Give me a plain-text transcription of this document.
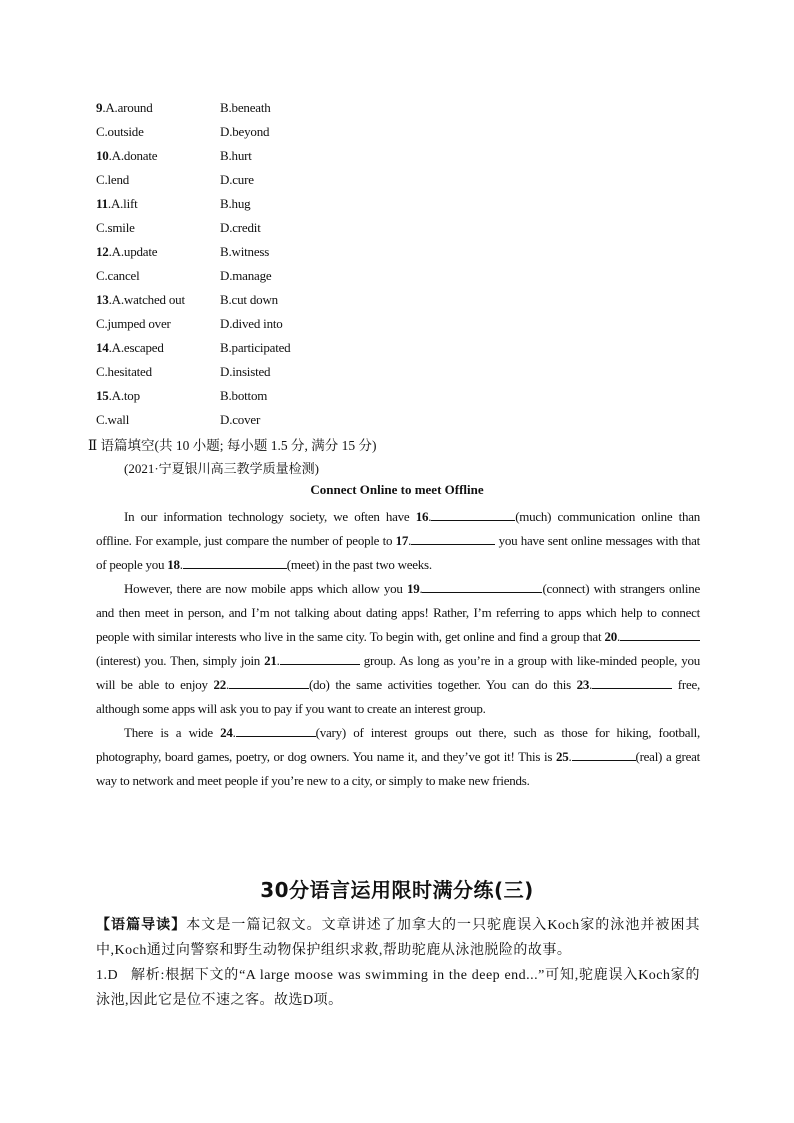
9.A.around	B.beneath
C.outside	D.beyond
10.A.donate	B.hurt
C.lend	D.cure
11.A.lift	B.hug
C.smile	D.credit
12.A.update	B.witness
C.cancel	D.manage
13.A.watched out	B.cut down
C.jumped over	D.dived into
14.A.escaped	B.participated
C.hesitated	D.insisted
15.A.top	B.bottom
C.wall	D.cover
Ⅱ 语篇填空(共 10 小题; 每小题 1.5 分, 满分 15 分)
(2021·宁夏银川高三教学质量检测)
Connect Online to meet Offline

In our information technology society, we often have 16.	(much) communication online than offline. For example, just compare the number of people to 17.	you have sent online messages with that of people you 18.	(meet) in the past two weeks.

However, there are now mobile apps which allow you 19.	(connect) with strangers online and then meet in person, and I’m not talking about dating apps! Rather, I’m referring to apps which help to connect people with similar interests who live in the same city. To begin with, get online and find a group that 20.(interest) you. Then, simply join 21.	group. As long as you’re in a group with like-minded people, you will be able to enjoy 22.	(do) the same activities together. You can do this 23.	free, although some apps will ask you to pay if you want to create an interest group.

There is a wide 24.	(vary) of interest groups out there, such as those for hiking, football, photography, board games, poetry, or dog owners. You name it, and they’ve got it! This is 25.	(real) a great way to network and meet people if you’re new to a city, or simply to make new friends.

30分语言运用限时满分练(三)

【语篇导读】本文是一篇记叙文。文章讲述了加拿大的一只驼鹿误入Koch家的泳池并被困其中,Koch通过向警察和野生动物保护组织求救,帮助驼鹿从泳池脱险的故事。

1.D 解析:根据下文的“A large moose was swimming in the deep end...”可知,驼鹿误入Koch家的泳池,因此它是位不速之客。故选D项。
